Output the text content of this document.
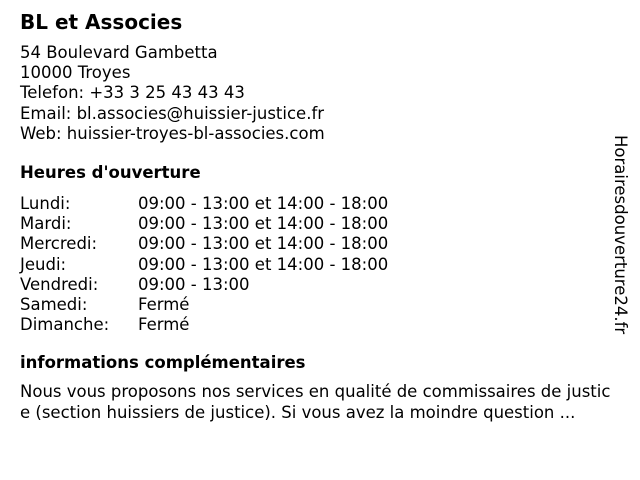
BL et Associes
54 Boulevard Gambetta
10000 Troyes
Telefon: +33 3 25 43 43 43
Email: bl.associes@huissier-justice.fr
Web: huissier-troyes-bl-associes.com
Heures d'ouverture
Lundi:	09:00 - 13:00 et 14:00 - 18:00
Mardi:	09:00 - 13:00 et 14:00 - 18:00
Mercredi: 09:00 - 13:00 et 14:00 - 18:00
Jeudi:	09:00 - 13:00 et 14:00 - 18:00
Vendredi: 09:00 - 13:00
Samedi:	Fermé
Dimanche: Fermé
informations complémentaires

Nous vous proposons nos services en qualité de commissaires de justice (section huissiers de justice). Si vous avez la moindre question ...

Horairesdouverture24.fr
